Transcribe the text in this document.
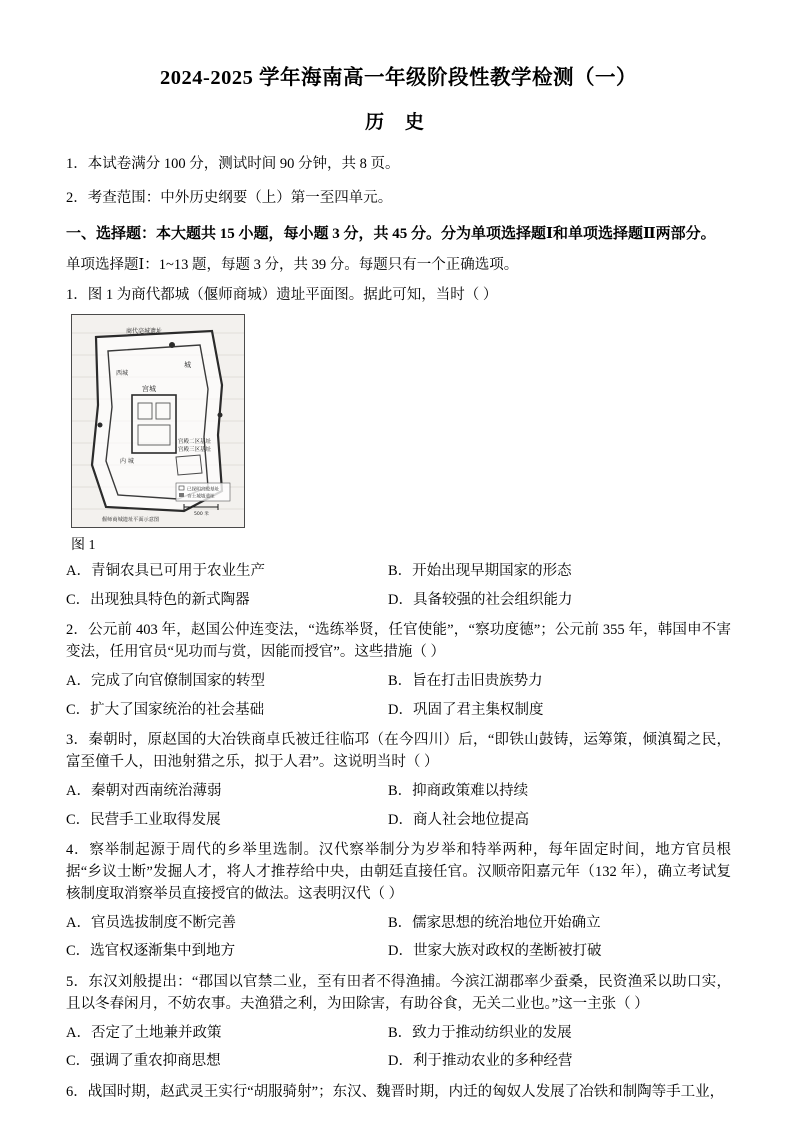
2024-2025 学年海南高一年级阶段性教学检测（一）
历 史

1．本试卷满分 100 分，测试时间 90 分钟，共 8 页。

2．考查范围：中外历史纲要（上）第一至四单元。

一、选择题：本大题共 15 小题，每小题 3 分，共 45 分。分为单项选择题Ⅰ和单项选择题Ⅱ两部分。

单项选择题Ⅰ：1~13 题，每题 3 分，共 39 分。每题只有一个正确选项。

1．图 1 为商代都城（偃师商城）遗址平面图。据此可知，当时（ ）

宫城
城
西城
内 城
宫殿二区基址
宫殿三区基址
商代亳城遗址
已探明宫殿基址
夯土城墙遗址
500 米
偃师商城遗址平面示意图
图 1
A．青铜农具已可用于农业生产	B．开始出现早期国家的形态
C．出现独具特色的新式陶器	D．具备较强的社会组织能力

2．公元前 403 年，赵国公仲连变法，“选练举贤，任官使能”，“察功度德”；公元前 355 年，韩国申不害变法，任用官员“见功而与赏，因能而授官”。这些措施（ ）

A．完成了向官僚制国家的转型	B．旨在打击旧贵族势力
C．扩大了国家统治的社会基础	D．巩固了君主集权制度

3．秦朝时，原赵国的大冶铁商卓氏被迁往临邛（在今四川）后，“即铁山鼓铸，运筹策，倾滇蜀之民，富至僮千人，田池射猎之乐，拟于人君”。这说明当时（ ）

A．秦朝对西南统治薄弱	B．抑商政策难以持续
C．民营手工业取得发展	D．商人社会地位提高

4．察举制起源于周代的乡举里选制。汉代察举制分为岁举和特举两种，每年固定时间，地方官员根据“乡议士断”发掘人才，将人才推荐给中央，由朝廷直接任官。汉顺帝阳嘉元年（132 年），确立考试复核制度取消察举员直接授官的做法。这表明汉代（ ）

A．官员选拔制度不断完善	B．儒家思想的统治地位开始确立
C．选官权逐渐集中到地方	D．世家大族对政权的垄断被打破

5．东汉刘般提出：“郡国以官禁二业，至有田者不得渔捕。今滨江湖郡率少蚕桑，民资渔采以助口实，且以冬春闲月，不妨农事。夫渔猎之利，为田除害，有助谷食，无关二业也。”这一主张（ ）

A．否定了土地兼并政策	B．致力于推动纺织业的发展
C．强调了重农抑商思想	D．利于推动农业的多种经营

6．战国时期，赵武灵王实行“胡服骑射”；东汉、魏晋时期，内迁的匈奴人发展了冶铁和制陶等手工业，
